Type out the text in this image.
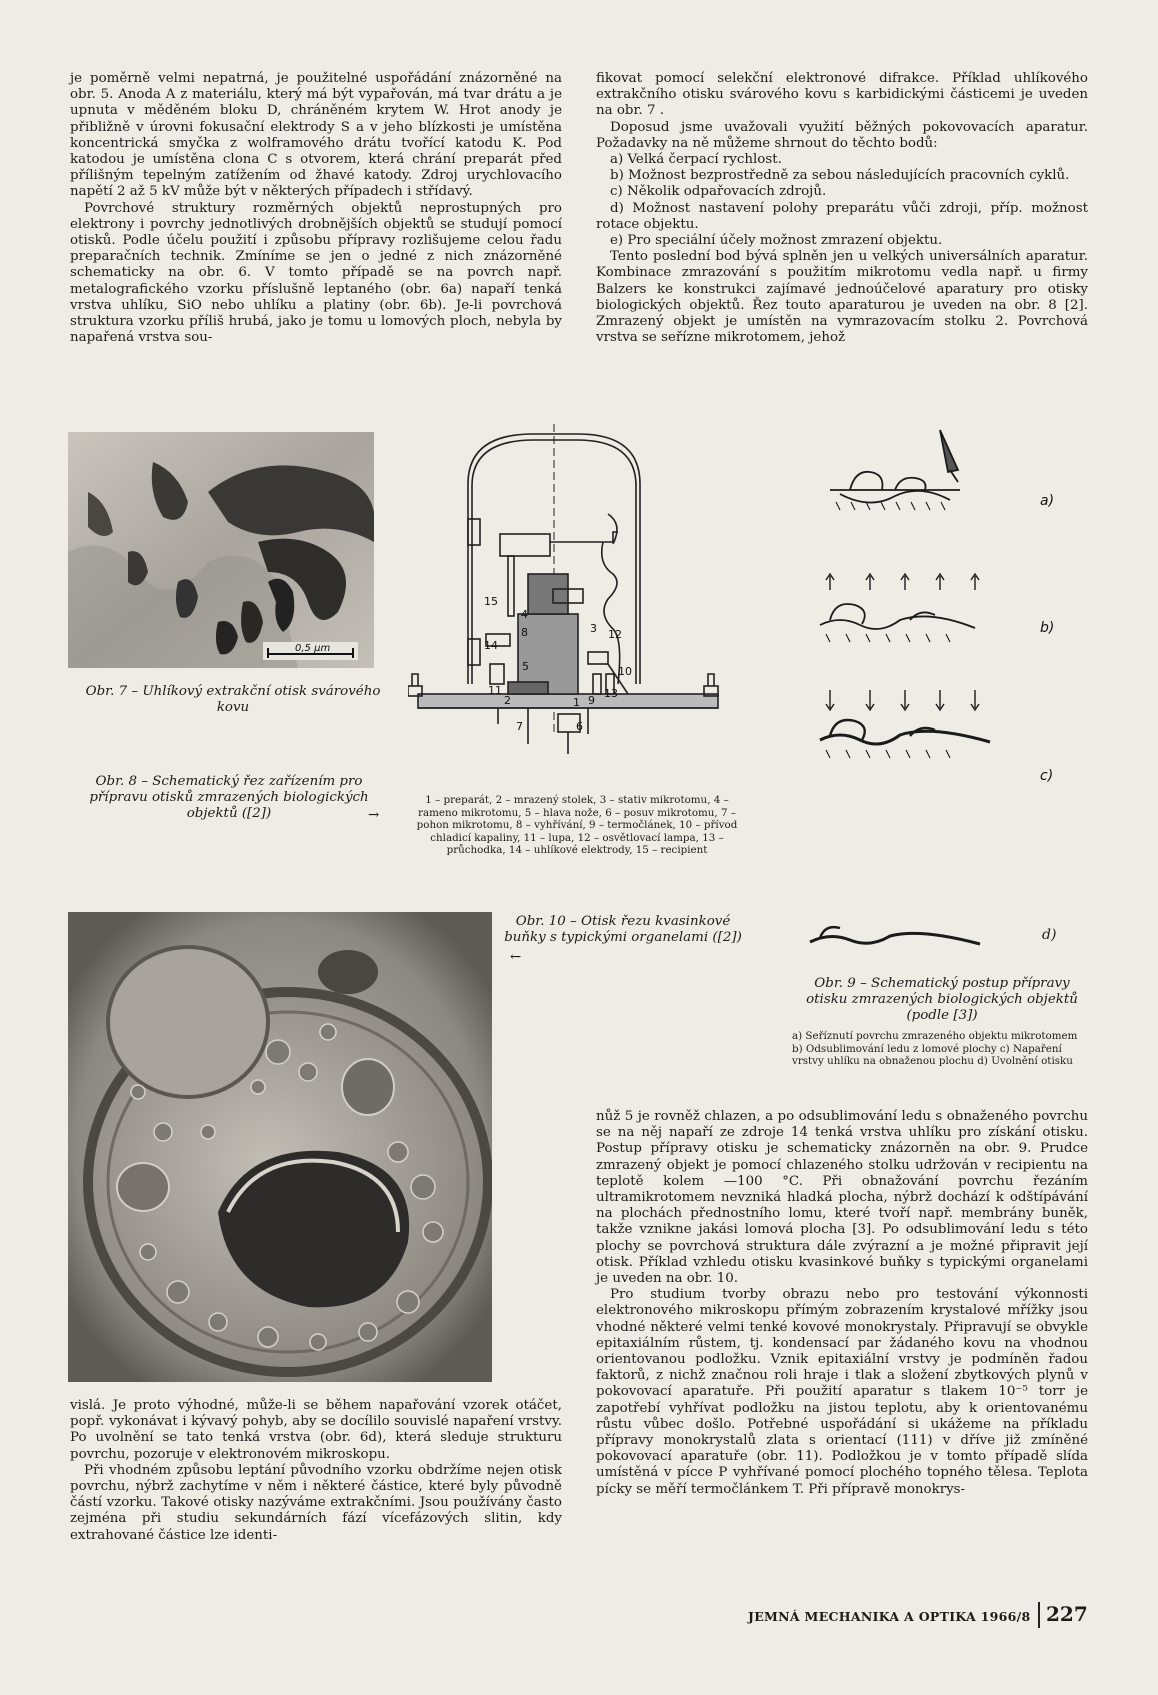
je poměrně velmi nepatrná, je použitelné uspořádání znázorněné na obr. 5. Anoda A z materiálu, který má být vypařován, má tvar drátu a je upnuta v měděném bloku D, chráněném krytem W. Hrot anody je přibližně v úrovni fokusační elektrody S a v jeho blízkosti je umístěna koncentrická smyčka z wolframového drátu tvořící katodu K. Pod katodou je umístěna clona C s otvorem, která chrání preparát před přílišným tepelným zatížením od žhavé katody. Zdroj urychlovacího napětí 2 až 5 kV může být v některých případech i střídavý.

Povrchové struktury rozměrných objektů neprostupných pro elektrony i povrchy jednotlivých drobnějších objektů se studují pomocí otisků. Podle účelu použití i způsobu přípravy rozlišujeme celou řadu preparačních technik. Zmíníme se jen o jedné z nich znázorněné schematicky na obr. 6. V tomto případě se na povrch např. metalografického vzorku příslušně leptaného (obr. 6a) napaří tenká vrstva uhlíku, SiO nebo uhlíku a platiny (obr. 6b). Je-li povrchová struktura vzorku příliš hrubá, jako je tomu u lomových ploch, nebyla by napařená vrstva sou-

fikovat pomocí selekční elektronové difrakce. Příklad uhlíkového extrakčního otisku svárového kovu s karbidickými částicemi je uveden na obr. 7 .

Doposud jsme uvažovali využití běžných pokovovacích aparatur. Požadavky na ně můžeme shrnout do těchto bodů:

a) Velká čerpací rychlost.

b) Možnost bezprostředně za sebou následujících pracovních cyklů.

c) Několik odpařovacích zdrojů.

d) Možnost nastavení polohy preparátu vůči zdroji, příp. možnost rotace objektu.

e) Pro speciální účely možnost zmrazení objektu.

Tento poslední bod bývá splněn jen u velkých universálních aparatur. Kombinace zmrazování s použitím mikrotomu vedla např. u firmy Balzers ke konstrukci zajímavé jednoúčelové aparatury pro otisky biologických objektů. Řez touto aparaturou je uveden na obr. 8 [2]. Zmrazený objekt je umístěn na vymrazovacím stolku 2. Povrchová vrstva se seřízne mikrotomem, jehož

0,5 µm
Obr. 7 – Uhlíkový extrakční otisk svárového kovu
Obr. 8 – Schematický řez zařízením pro přípravu otisků zmrazených biologických objektů ([2])	→
15
4
8	3 12
14
5	10
11
2	9
13
1
7	6
1 – preparát, 2 – mrazený stolek, 3 – stativ mikrotomu, 4 – rameno mikrotomu, 5 – hlava nože, 6 – posuv mikrotomu, 7 – pohon mikrotomu, 8 – vyhřívání, 9 – termočlánek, 10 – přívod chladicí kapaliny, 11 – lupa, 12 – osvětlovací lampa, 13 – průchodka, 14 – uhlíkové elektrody, 15 – recipient
a)
b)
c)
d)
Obr. 9 – Schematický postup přípravy otisku zmrazených biologických objektů (podle [3])
a) Seříznutí povrchu zmrazeného objektu mikrotomem b) Odsublimování ledu z lomové plochy c) Napaření vrstvy uhlíku na obnaženou plochu d) Uvolnění otisku
Obr. 10 – Otisk řezu kvasinkové buňky s typickými organelami ([2])
←

nůž 5 je rovněž chlazen, a po odsublimování ledu s obnaženého povrchu se na něj napaří ze zdroje 14 tenká vrstva uhlíku pro získání otisku. Postup přípravy otisku je schematicky znázorněn na obr. 9. Prudce zmrazený objekt je pomocí chlazeného stolku udržován v recipientu na teplotě kolem —100 °C. Při obnažování povrchu řezáním ultramikrotomem nevzniká hladká plocha, nýbrž dochází k odštípávání na plochách přednostního lomu, které tvoří např. membrány buněk, takže vznikne jakási lomová plocha [3]. Po odsublimování ledu s této plochy se povrchová struktura dále zvýrazní a je možné připravit její otisk. Příklad vzhledu otisku kvasinkové buňky s typickými organelami je uveden na obr. 10.

Pro studium tvorby obrazu nebo pro testování výkonnosti elektronového mikroskopu přímým zobrazením krystalové mřížky jsou vhodné některé velmi tenké kovové monokrystaly. Připravují se obvykle epitaxiálním růstem, tj. kondensací par žádaného kovu na vhodnou orientovanou podložku. Vznik epitaxiální vrstvy je podmíněn řadou faktorů, z nichž značnou roli hraje i tlak a složení zbytkových plynů v pokovovací aparatuře. Při použití aparatur s tlakem 10⁻⁵ torr je zapotřebí vyhřívat podložku na jistou teplotu, aby k orientovanému růstu vůbec došlo. Potřebné uspořádání si ukážeme na příkladu přípravy monokrystalů zlata s orientací (111) v dříve již zmíněné pokovovací aparatuře (obr. 11). Podložkou je v tomto případě slída umístěná v pícce P vyhřívané pomocí plochého topného tělesa. Teplota pícky se měří termočlánkem T. Při přípravě monokrys-

vislá. Je proto výhodné, může-li se během napařování vzorek otáčet, popř. vykonávat i kývavý pohyb, aby se docílilo souvislé napaření vrstvy. Po uvolnění se tato tenká vrstva (obr. 6d), která sleduje strukturu povrchu, pozoruje v elektronovém mikroskopu.

Při vhodném způsobu leptání původního vzorku obdržíme nejen otisk povrchu, nýbrž zachytíme v něm i některé částice, které byly původně částí vzorku. Takové otisky nazýváme extrakčními. Jsou používány často zejména při studiu sekundárních fází vícefázových slitin, kdy extrahované částice lze identi-

JEMNÁ MECHANIKA A OPTIKA 1966/8 227
